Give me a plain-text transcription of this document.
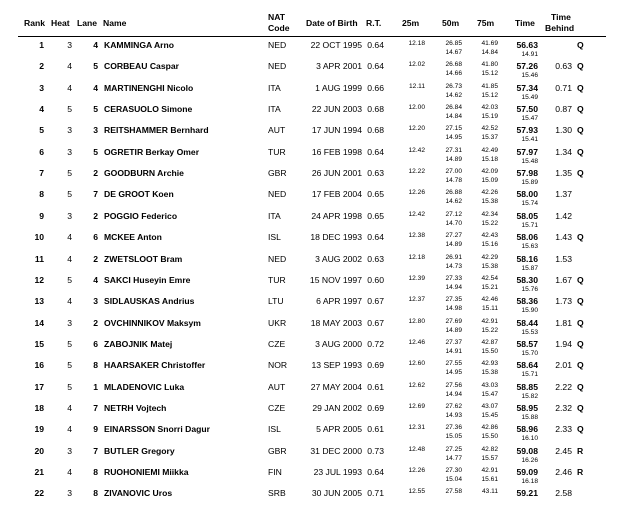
Rank Heat Lane Name
NAT
Code Date of Birth R.T. 25m	50m 75m Time
Time
Behind
1	3	4 KAMMINGA Arno	NED	22 OCT 1995 0.64	12.18	26.85	41.69	56.63	Q
14.67	14.84	14.91
2	4	5 CORBEAU Caspar	NED	3 APR 2001 0.64	12.02	26.68	41.80	57.26	0.63 Q
14.66	15.12	15.46
3	4	4 MARTINENGHI Nicolo	ITA	1 AUG 1999 0.66	12.11	26.73	41.85	57.34	0.71 Q
14.62	15.12	15.49
4	5	5 CERASUOLO Simone	ITA	22 JUN 2003 0.68	12.00	26.84	42.03	57.50	0.87 Q
14.84	15.19	15.47
5	3	3 REITSHAMMER Bernhard	AUT	17 JUN 1994 0.68	12.20	27.15	42.52	57.93	1.30 Q
14.95	15.37	15.41
6	3	5 OGRETIR Berkay Omer	TUR	16 FEB 1998 0.64	12.42	27.31	42.49	57.97	1.34 Q
14.89	15.18	15.48
7	5	2 GOODBURN Archie	GBR	26 JUN 2001 0.63	12.22	27.00	42.09	57.98	1.35 Q
14.78	15.09	15.89
8	5	7 DE GROOT Koen	NED	17 FEB 2004 0.65	12.26	26.88	42.26	58.00	1.37
14.62	15.38	15.74
9	3	2 POGGIO Federico	ITA	24 APR 1998 0.65	12.42	27.12	42.34	58.05	1.42
14.70	15.22	15.71
10	4	6 MCKEE Anton	ISL	18 DEC 1993 0.64	12.38	27.27	42.43	58.06	1.43 Q
14.89	15.16	15.63
11	4	2 ZWETSLOOT Bram	NED	3 AUG 2002 0.63	12.18	26.91	42.29	58.16	1.53
14.73	15.38	15.87
12	5	4 SAKCI Huseyin Emre	TUR	15 NOV 1997 0.60	12.39	27.33	42.54	58.30	1.67 Q
14.94	15.21	15.76
13	4	3 SIDLAUSKAS Andrius	LTU	6 APR 1997 0.67	12.37	27.35	42.46	58.36	1.73 Q
14.98	15.11	15.90
14	3	2 OVCHINNIKOV Maksym	UKR	18 MAY 2003 0.67	12.80	27.69	42.91	58.44	1.81 Q
14.89	15.22	15.53
15	5	6 ZABOJNIK Matej	CZE	3 AUG 2000 0.72	12.46	27.37	42.87	58.57	1.94 Q
14.91	15.50	15.70
16	5	8 HAARSAKER Christoffer	NOR	13 SEP 1993 0.69	12.60	27.55	42.93	58.64	2.01 Q
14.95	15.38	15.71
17	5	1 MLADENOVIC Luka	AUT	27 MAY 2004 0.61	12.62	27.56	43.03	58.85	2.22 Q
14.94	15.47	15.82
18	4	7 NETRH Vojtech	CZE	29 JAN 2002 0.69	12.69	27.62	43.07	58.95	2.32 Q
14.93	15.45	15.88
19	4	9 EINARSSON Snorri Dagur	ISL	5 APR 2005 0.61	12.31	27.36	42.86	58.96	2.33 Q
15.05	15.50	16.10
20	3	7 BUTLER Gregory	GBR	31 DEC 2000 0.73	12.48	27.25	42.82	59.08	2.45 R
14.77	15.57	16.26
21	4	8 RUOHONIEMI Miikka	FIN	23 JUL 1993 0.64	12.26	27.30	42.91	59.09	2.46 R
15.04	15.61	16.18
22	3	8 ZIVANOVIC Uros	SRB	30 JUN 2005 0.71	12.55	27.58	43.11	59.21	2.58
